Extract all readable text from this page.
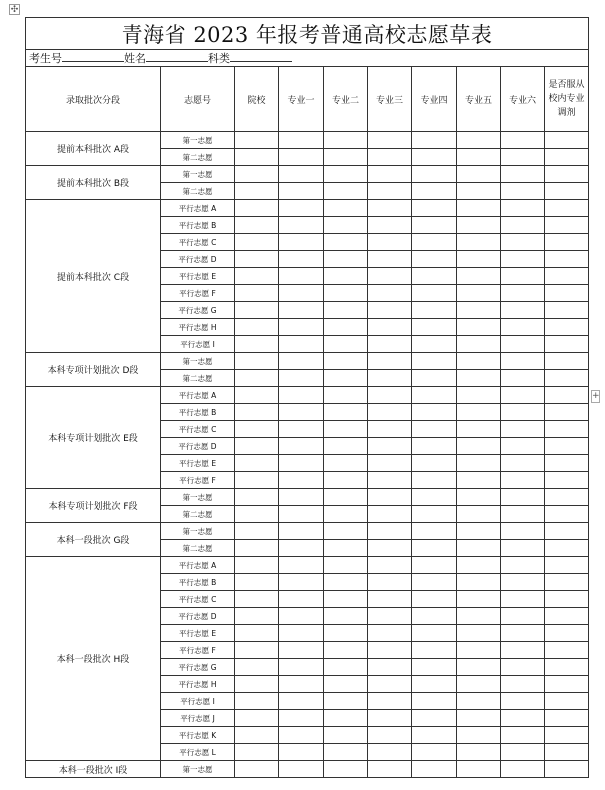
✣
+
青海省 2023 年报考普通高校志愿草表									
考生号 姓名 科类									
录取批次分段	志愿号	院校	专业一	专业二	专业三	专业四	专业五	专业六	是否服从校内专业调剂
提前本科批次 A段	第一志愿								
	第二志愿								
提前本科批次 B段	第一志愿								
	第二志愿								
提前本科批次 C段	平行志愿 A								
	平行志愿 B								
	平行志愿 C								
	平行志愿 D								
	平行志愿 E								
	平行志愿 F								
	平行志愿 G								
	平行志愿 H								
	平行志愿 I								
本科专项计划批次 D段	第一志愿								
	第二志愿								
本科专项计划批次 E段	平行志愿 A								
	平行志愿 B								
	平行志愿 C								
	平行志愿 D								
	平行志愿 E								
	平行志愿 F								
本科专项计划批次 F段	第一志愿								
	第二志愿								
本科一段批次 G段	第一志愿								
	第二志愿								
本科一段批次 H段	平行志愿 A								
	平行志愿 B								
	平行志愿 C								
	平行志愿 D								
	平行志愿 E								
	平行志愿 F								
	平行志愿 G								
	平行志愿 H								
	平行志愿 I								
	平行志愿 J								
	平行志愿 K								
	平行志愿 L								
本科一段批次 I段	第一志愿								
